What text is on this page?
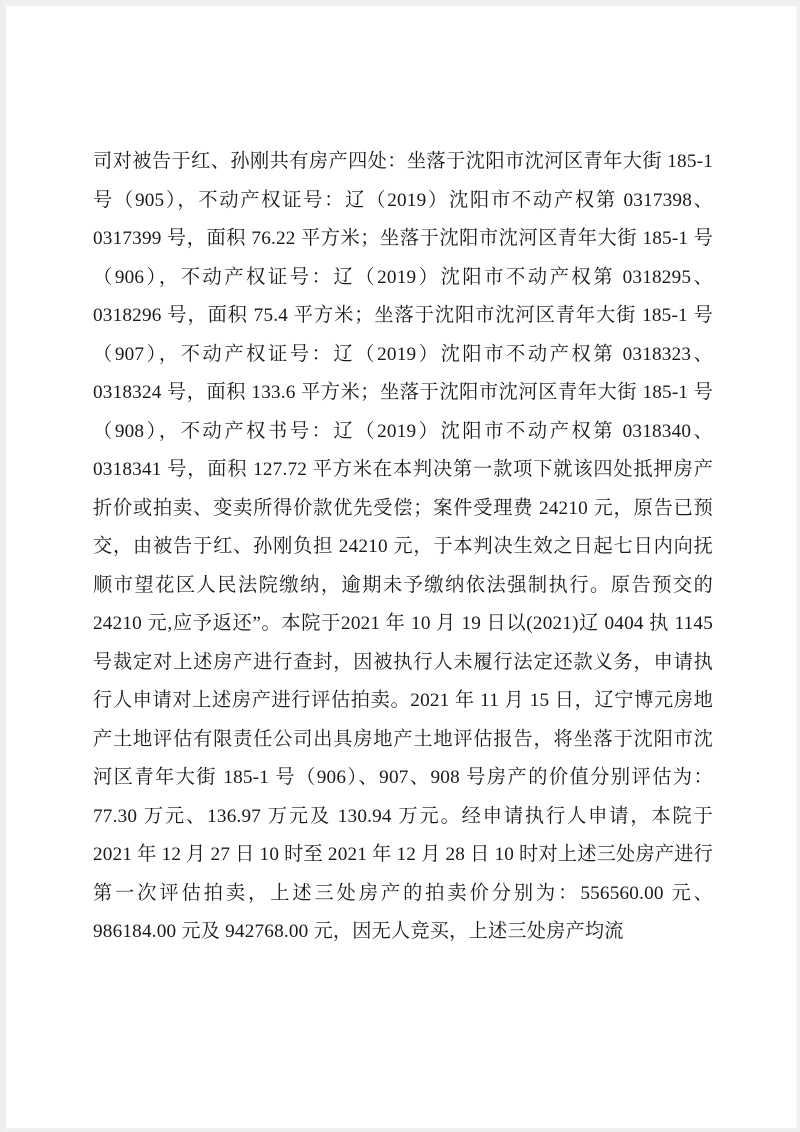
司对被告于红、孙刚共有房产四处：坐落于沈阳市沈河区青年大街 185-1 号（905），不动产权证号：辽（2019）沈阳市不动产权第 0317398、0317399 号，面积 76.22 平方米；坐落于沈阳市沈河区青年大街 185-1 号（906），不动产权证号：辽（2019）沈阳市不动产权第 0318295、0318296 号，面积 75.4 平方米；坐落于沈阳市沈河区青年大街 185-1 号（907），不动产权证号：辽（2019）沈阳市不动产权第 0318323、0318324 号，面积 133.6 平方米；坐落于沈阳市沈河区青年大街 185-1 号（908），不动产权书号：辽（2019）沈阳市不动产权第 0318340、0318341 号，面积 127.72 平方米在本判决第一款项下就该四处抵押房产折价或拍卖、变卖所得价款优先受偿；案件受理费 24210 元，原告已预交，由被告于红、孙刚负担 24210 元，于本判决生效之日起七日内向抚顺市望花区人民法院缴纳，逾期未予缴纳依法强制执行。原告预交的24210 元,应予返还”。本院于2021 年 10 月 19 日以(2021)辽 0404 执 1145 号裁定对上述房产进行查封，因被执行人未履行法定还款义务，申请执行人申请对上述房产进行评估拍卖。2021 年 11 月 15 日，辽宁博元房地产土地评估有限责任公司出具房地产土地评估报告，将坐落于沈阳市沈河区青年大街 185-1 号（906）、907、908 号房产的价值分别评估为：77.30 万元、136.97 万元及 130.94 万元。经申请执行人申请，本院于 2021 年 12 月 27 日 10 时至 2021 年 12 月 28 日 10 时对上述三处房产进行第一次评估拍卖，上述三处房产的拍卖价分别为：556560.00 元、986184.00 元及 942768.00 元，因无人竞买，上述三处房产均流
